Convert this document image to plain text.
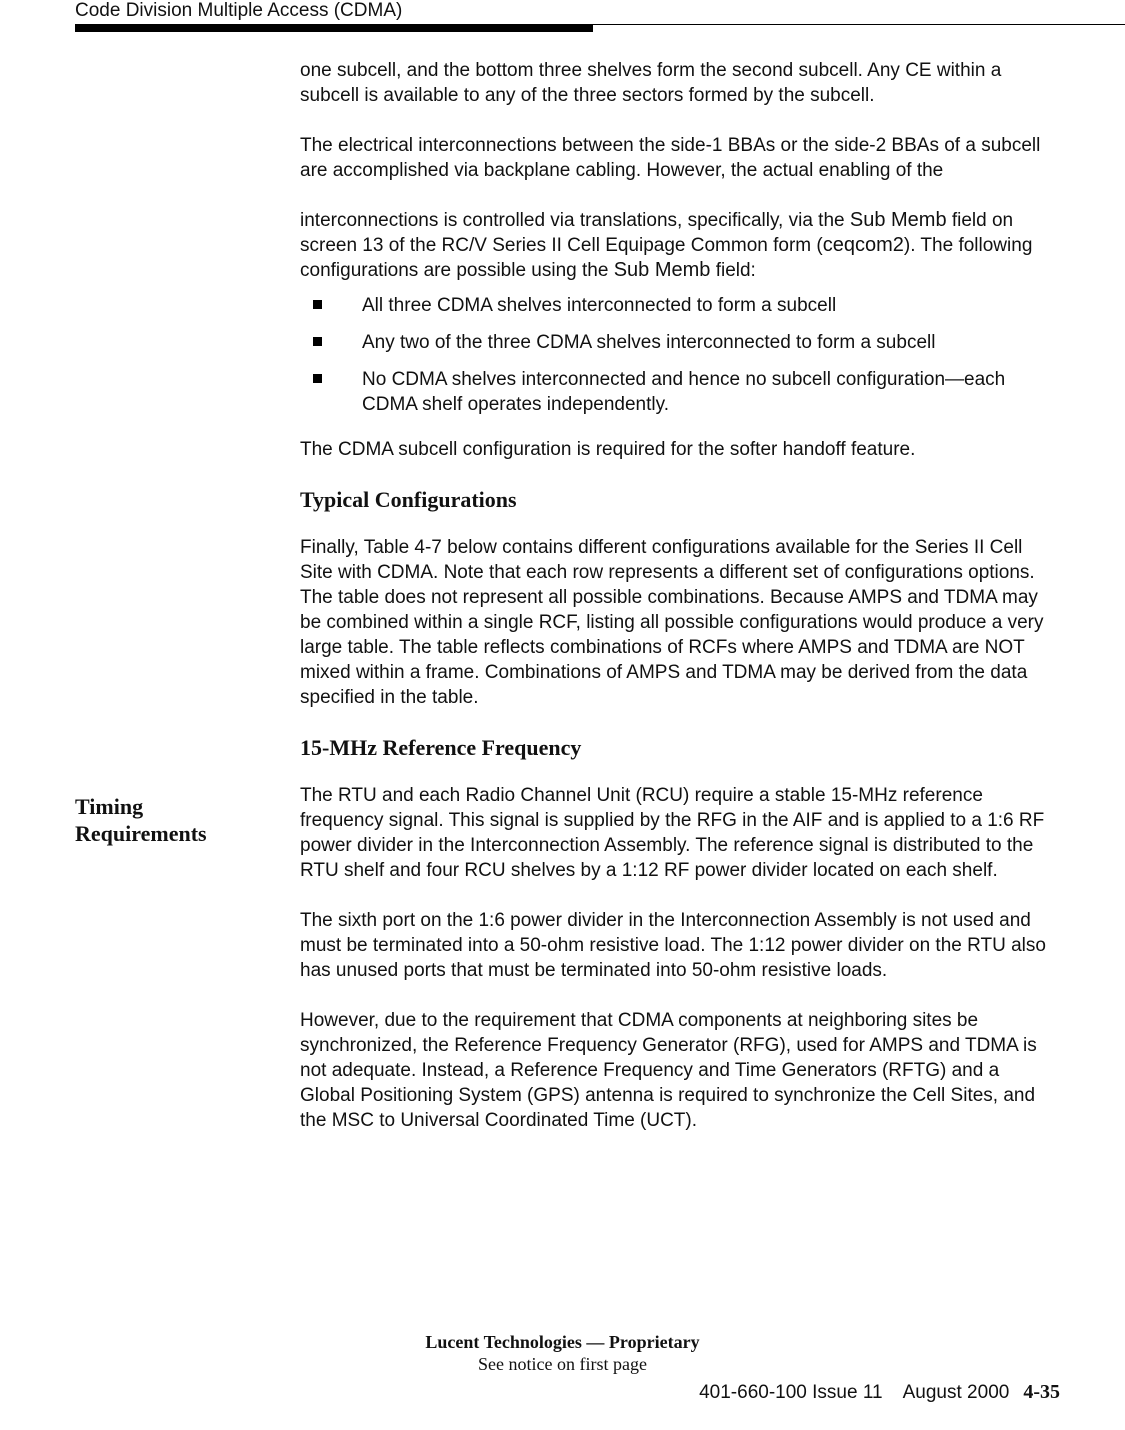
Code Division Multiple Access (CDMA)

one subcell, and the bottom three shelves form the second subcell. Any CE within a subcell is available to any of the three sectors formed by the subcell.

The electrical interconnections between the side-1 BBAs or the side-2 BBAs of a subcell are accomplished via backplane cabling. However, the actual enabling of the

interconnections is controlled via translations, specifically, via the Sub Memb field on screen 13 of the RC/V Series II Cell Equipage Common form (ceqcom2). The following configurations are possible using the Sub Memb field:

All three CDMA shelves interconnected to form a subcell
Any two of the three CDMA shelves interconnected to form a subcell
No CDMA shelves interconnected and hence no subcell configuration—each CDMA shelf operates independently.

The CDMA subcell configuration is required for the softer handoff feature.

Typical Configurations

Finally, Table 4-7 below contains different configurations available for the Series II Cell Site with CDMA. Note that each row represents a different set of configurations options. The table does not represent all possible combinations. Because AMPS and TDMA may be combined within a single RCF, listing all possible configurations would produce a very large table. The table reflects combinations of RCFs where AMPS and TDMA are NOT mixed within a frame. Combinations of AMPS and TDMA may be derived from the data specified in the table.

15-MHz Reference Frequency

The RTU and each Radio Channel Unit (RCU) require a stable 15-MHz reference frequency signal. This signal is supplied by the RFG in the AIF and is applied to a 1:6 RF power divider in the Interconnection Assembly. The reference signal is distributed to the RTU shelf and four RCU shelves by a 1:12 RF power divider located on each shelf.

The sixth port on the 1:6 power divider in the Interconnection Assembly is not used and must be terminated into a 50-ohm resistive load. The 1:12 power divider on the RTU also has unused ports that must be terminated into 50-ohm resistive loads.

However, due to the requirement that CDMA components at neighboring sites be synchronized, the Reference Frequency Generator (RFG), used for AMPS and TDMA is not adequate. Instead, a Reference Frequency and Time Generators (RFTG) and a Global Positioning System (GPS) antenna is required to synchronize the Cell Sites, and the MSC to Universal Coordinated Time (UCT).

Timing Requirements
Lucent Technologies — Proprietary
See notice on first page
401-660-100 Issue 11    August 2000 4-35
